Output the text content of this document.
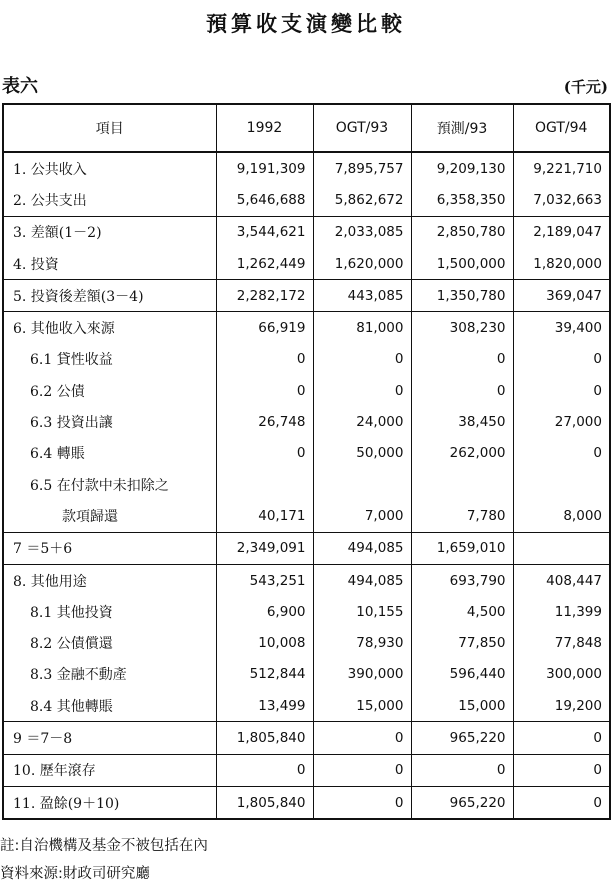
預算收支演變比較
表六	(千元)
項目	1992	OGT/93	預測/93	OGT/94
1. 公共收入	9,191,309	7,895,757	9,209,130	9,221,710
2. 公共支出	5,646,688	5,862,672	6,358,350	7,032,663
3. 差額(1－2)	3,544,621	2,033,085	2,850,780	2,189,047
4. 投資	1,262,449	1,620,000	1,500,000	1,820,000
5. 投資後差額(3－4)	2,282,172	443,085	1,350,780	369,047
6. 其他收入來源	66,919	81,000	308,230	39,400
6.1 貸性收益	0	0	0	0
6.2 公債	0	0	0	0
6.3 投資出讓	26,748	24,000	38,450	27,000
6.4 轉賬	0	50,000	262,000	0
6.5 在付款中未扣除之				
款項歸還	40,171	7,000	7,780	8,000
7 ＝5＋6	2,349,091	494,085	1,659,010	
8. 其他用途	543,251	494,085	693,790	408,447
8.1 其他投資	6,900	10,155	4,500	11,399
8.2 公債償還	10,008	78,930	77,850	77,848
8.3 金融不動產	512,844	390,000	596,440	300,000
8.4 其他轉賬	13,499	15,000	15,000	19,200
9 ＝7－8	1,805,840	0	965,220	0
10. 歷年滾存	0	0	0	0
11. 盈餘(9＋10)	1,805,840	0	965,220	0
註:自治機構及基金不被包括在內
資料來源:財政司研究廳
